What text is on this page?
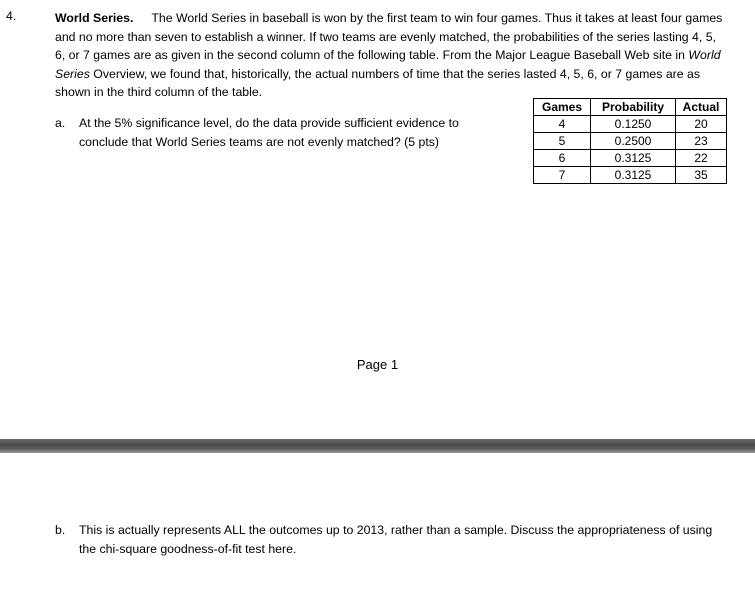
4.	World Series. The World Series in baseball is won by the first team to win four games. Thus it takes at least four games
and no more than seven to establish a winner. If two teams are evenly matched, the probabilities of the series lasting 4, 5,
6, or 7 games are as given in the second column of the following table. From the Major League Baseball Web site in World
Series Overview, we found that, historically, the actual numbers of time that the series lasted 4, 5, 6, or 7 games are as
shown in the third column of the table.
Games	Probability	Actual
4	0.1250	20
5	0.2500	23
6	0.3125	22
7	0.3125	35
a. At the 5% significance level, do the data provide sufficient evidence to
conclude that World Series teams are not evenly matched? (5 pts)
Page 1
b. This is actually represents ALL the outcomes up to 2013, rather than a sample. Discuss the appropriateness of using
the chi-square goodness-of-fit test here.
